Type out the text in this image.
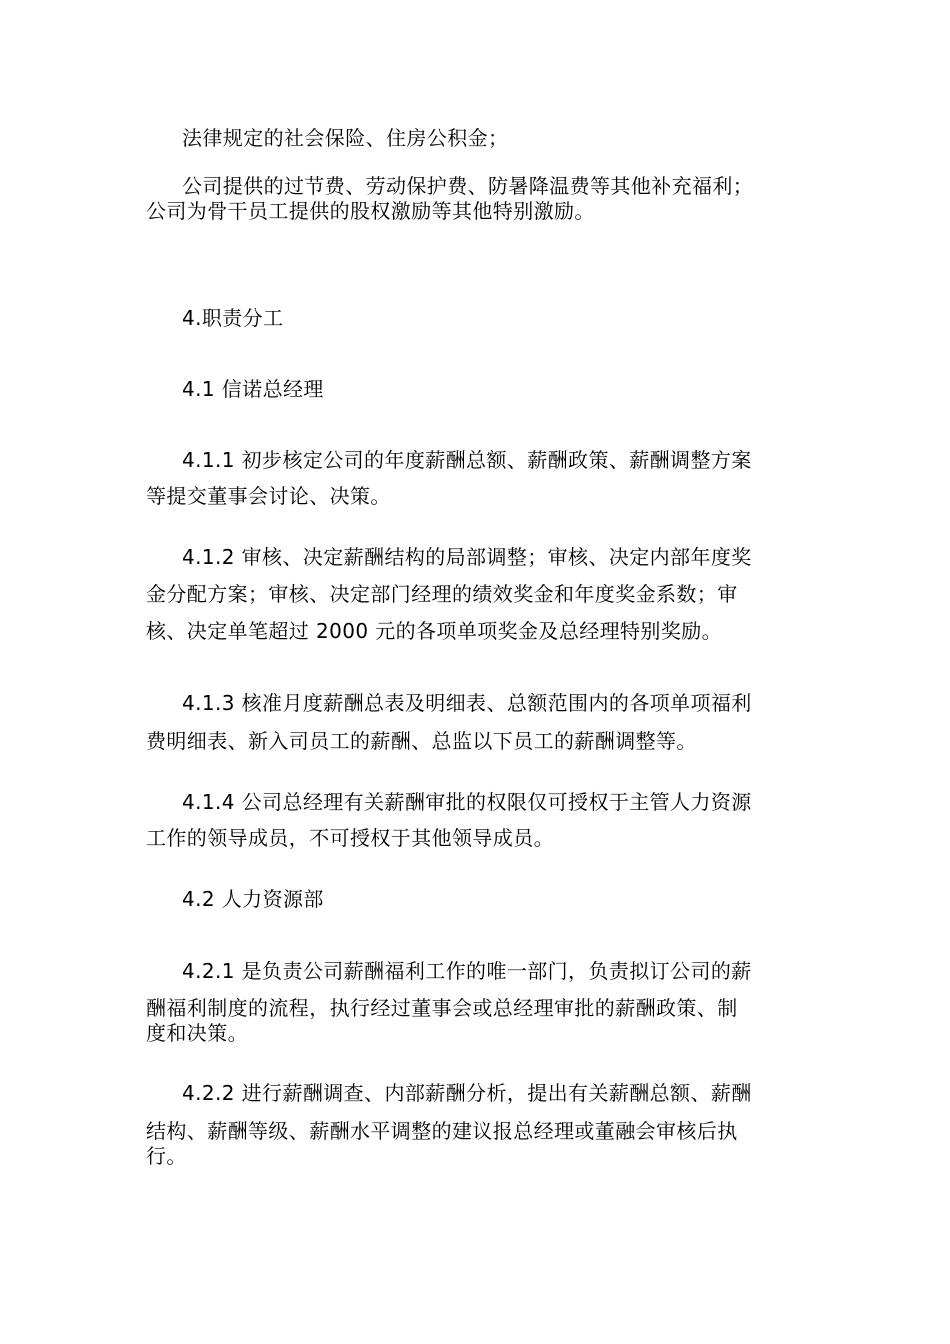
法律规定的社会保险、住房公积金；
公司提供的过节费、劳动保护费、防暑降温费等其他补充福利；
公司为骨干员工提供的股权激励等其他特别激励。
4.职责分工
4.1 信诺总经理
4.1.1 初步核定公司的年度薪酬总额、薪酬政策、薪酬调整方案
等提交董事会讨论、决策。
4.1.2 审核、决定薪酬结构的局部调整；审核、决定内部年度奖
金分配方案；审核、决定部门经理的绩效奖金和年度奖金系数；审
核、决定单笔超过 2000 元的各项单项奖金及总经理特别奖励。
4.1.3 核准月度薪酬总表及明细表、总额范围内的各项单项福利
费明细表、新入司员工的薪酬、总监以下员工的薪酬调整等。
4.1.4 公司总经理有关薪酬审批的权限仅可授权于主管人力资源
工作的领导成员，不可授权于其他领导成员。
4.2 人力资源部
4.2.1 是负责公司薪酬福利工作的唯一部门，负责拟订公司的薪
酬福利制度的流程，执行经过董事会或总经理审批的薪酬政策、制
度和决策。
4.2.2 进行薪酬调查、内部薪酬分析，提出有关薪酬总额、薪酬
结构、薪酬等级、薪酬水平调整的建议报总经理或董融会审核后执
行。
